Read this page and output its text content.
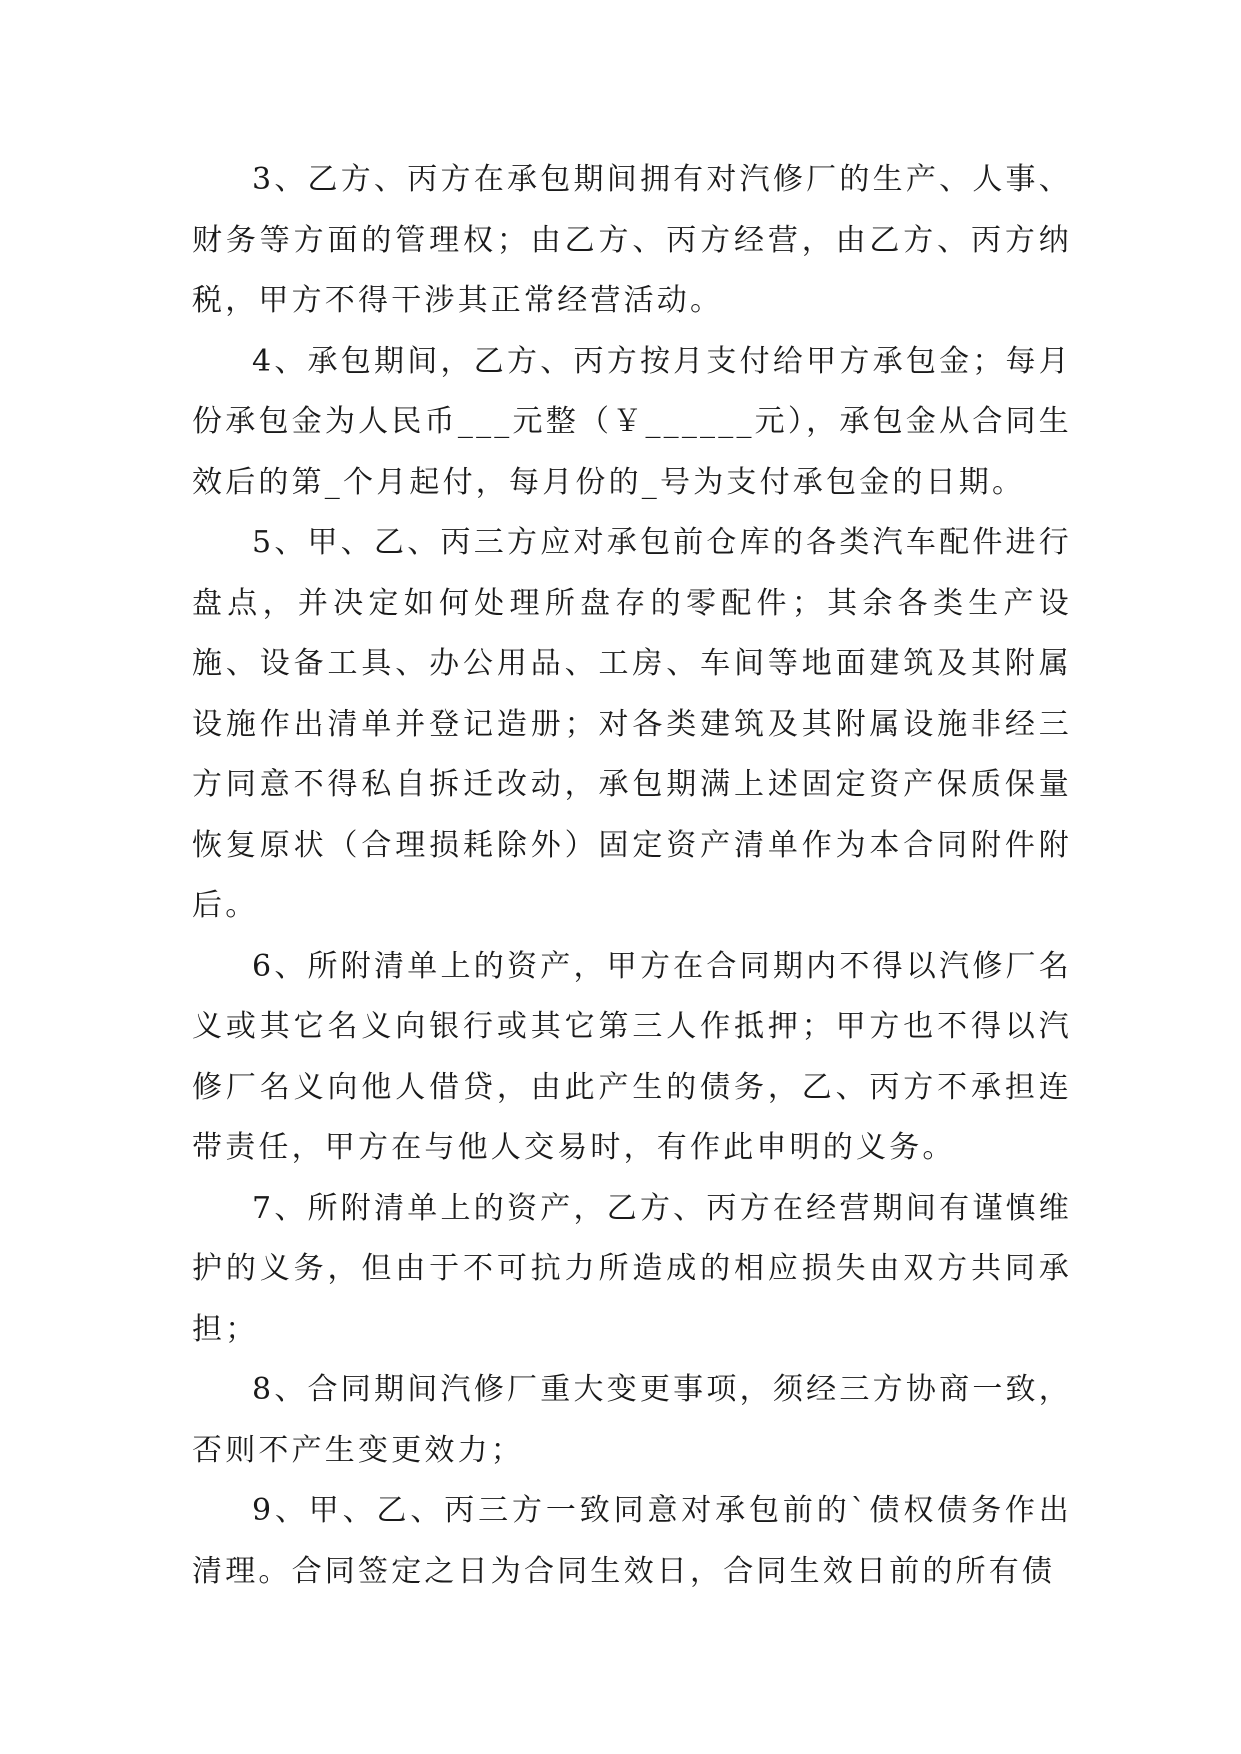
3、乙方、丙方在承包期间拥有对汽修厂的生产、人事、财务等方面的管理权；由乙方、丙方经营，由乙方、丙方纳税，甲方不得干涉其正常经营活动。

4、承包期间，乙方、丙方按月支付给甲方承包金；每月份承包金为人民币___元整（￥______元），承包金从合同生效后的第_个月起付，每月份的_号为支付承包金的日期。

5、甲、乙、丙三方应对承包前仓库的各类汽车配件进行盘点，并决定如何处理所盘存的零配件；其余各类生产设施、设备工具、办公用品、工房、车间等地面建筑及其附属设施作出清单并登记造册；对各类建筑及其附属设施非经三方同意不得私自拆迁改动，承包期满上述固定资产保质保量恢复原状（合理损耗除外）固定资产清单作为本合同附件附后。

6、所附清单上的资产，甲方在合同期内不得以汽修厂名义或其它名义向银行或其它第三人作抵押；甲方也不得以汽修厂名义向他人借贷，由此产生的债务，乙、丙方不承担连带责任，甲方在与他人交易时，有作此申明的义务。

7、所附清单上的资产，乙方、丙方在经营期间有谨慎维护的义务，但由于不可抗力所造成的相应损失由双方共同承担；

8、合同期间汽修厂重大变更事项，须经三方协商一致，否则不产生变更效力；

9、甲、乙、丙三方一致同意对承包前的`债权债务作出清理。合同签定之日为合同生效日，合同生效日前的所有债
